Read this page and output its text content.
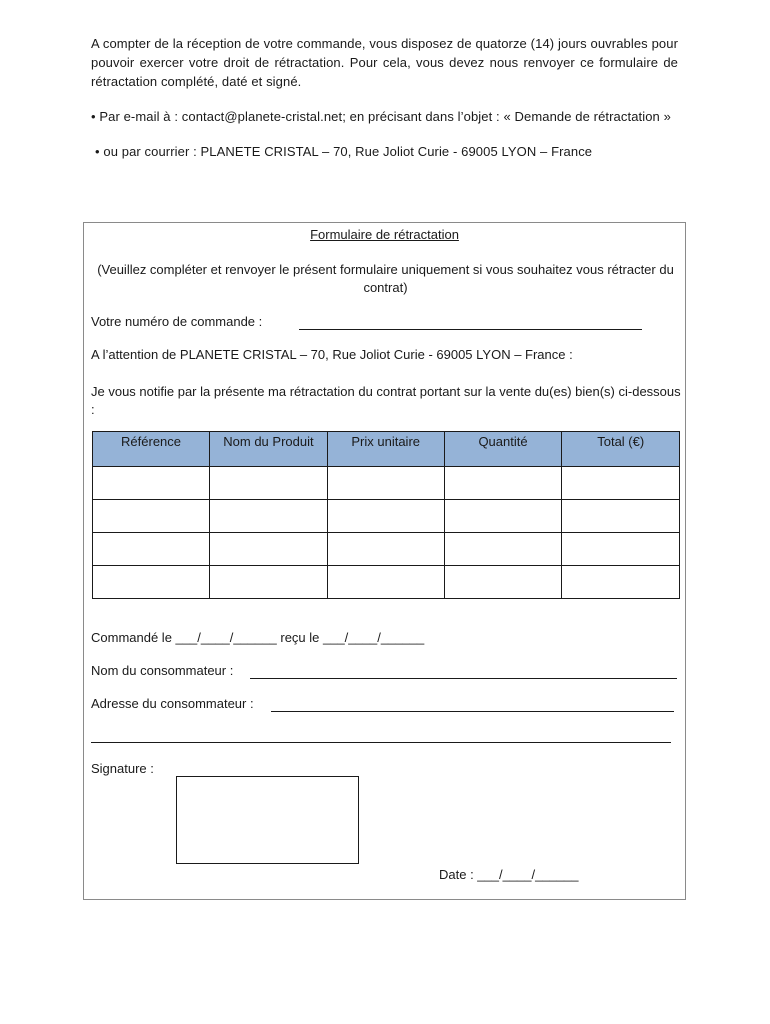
A compter de la réception de votre commande, vous disposez de quatorze (14) jours ouvrables pour pouvoir exercer votre droit de rétractation. Pour cela, vous devez nous renvoyer ce formulaire de rétractation complété, daté et signé.

• Par e-mail à : contact@planete-cristal.net; en précisant dans l’objet : « Demande de rétractation »

• ou par courrier : PLANETE CRISTAL – 70, Rue Joliot Curie - 69005 LYON – France

Formulaire de rétractation
(Veuillez compléter et renvoyer le présent formulaire uniquement si vous souhaitez vous rétracter du contrat)
Votre numéro de commande :
A l’attention de PLANETE CRISTAL – 70, Rue Joliot Curie - 69005 LYON – France :
Je vous notifie par la présente ma rétractation du contrat portant sur la vente du(es) bien(s) ci-dessous :
Référence	Nom du Produit	Prix unitaire	Quantité	Total (€)

Commandé le ___/____/______ reçu le ___/____/______
Nom du consommateur :
Adresse du consommateur :
Signature :
Date : ___/____/______
